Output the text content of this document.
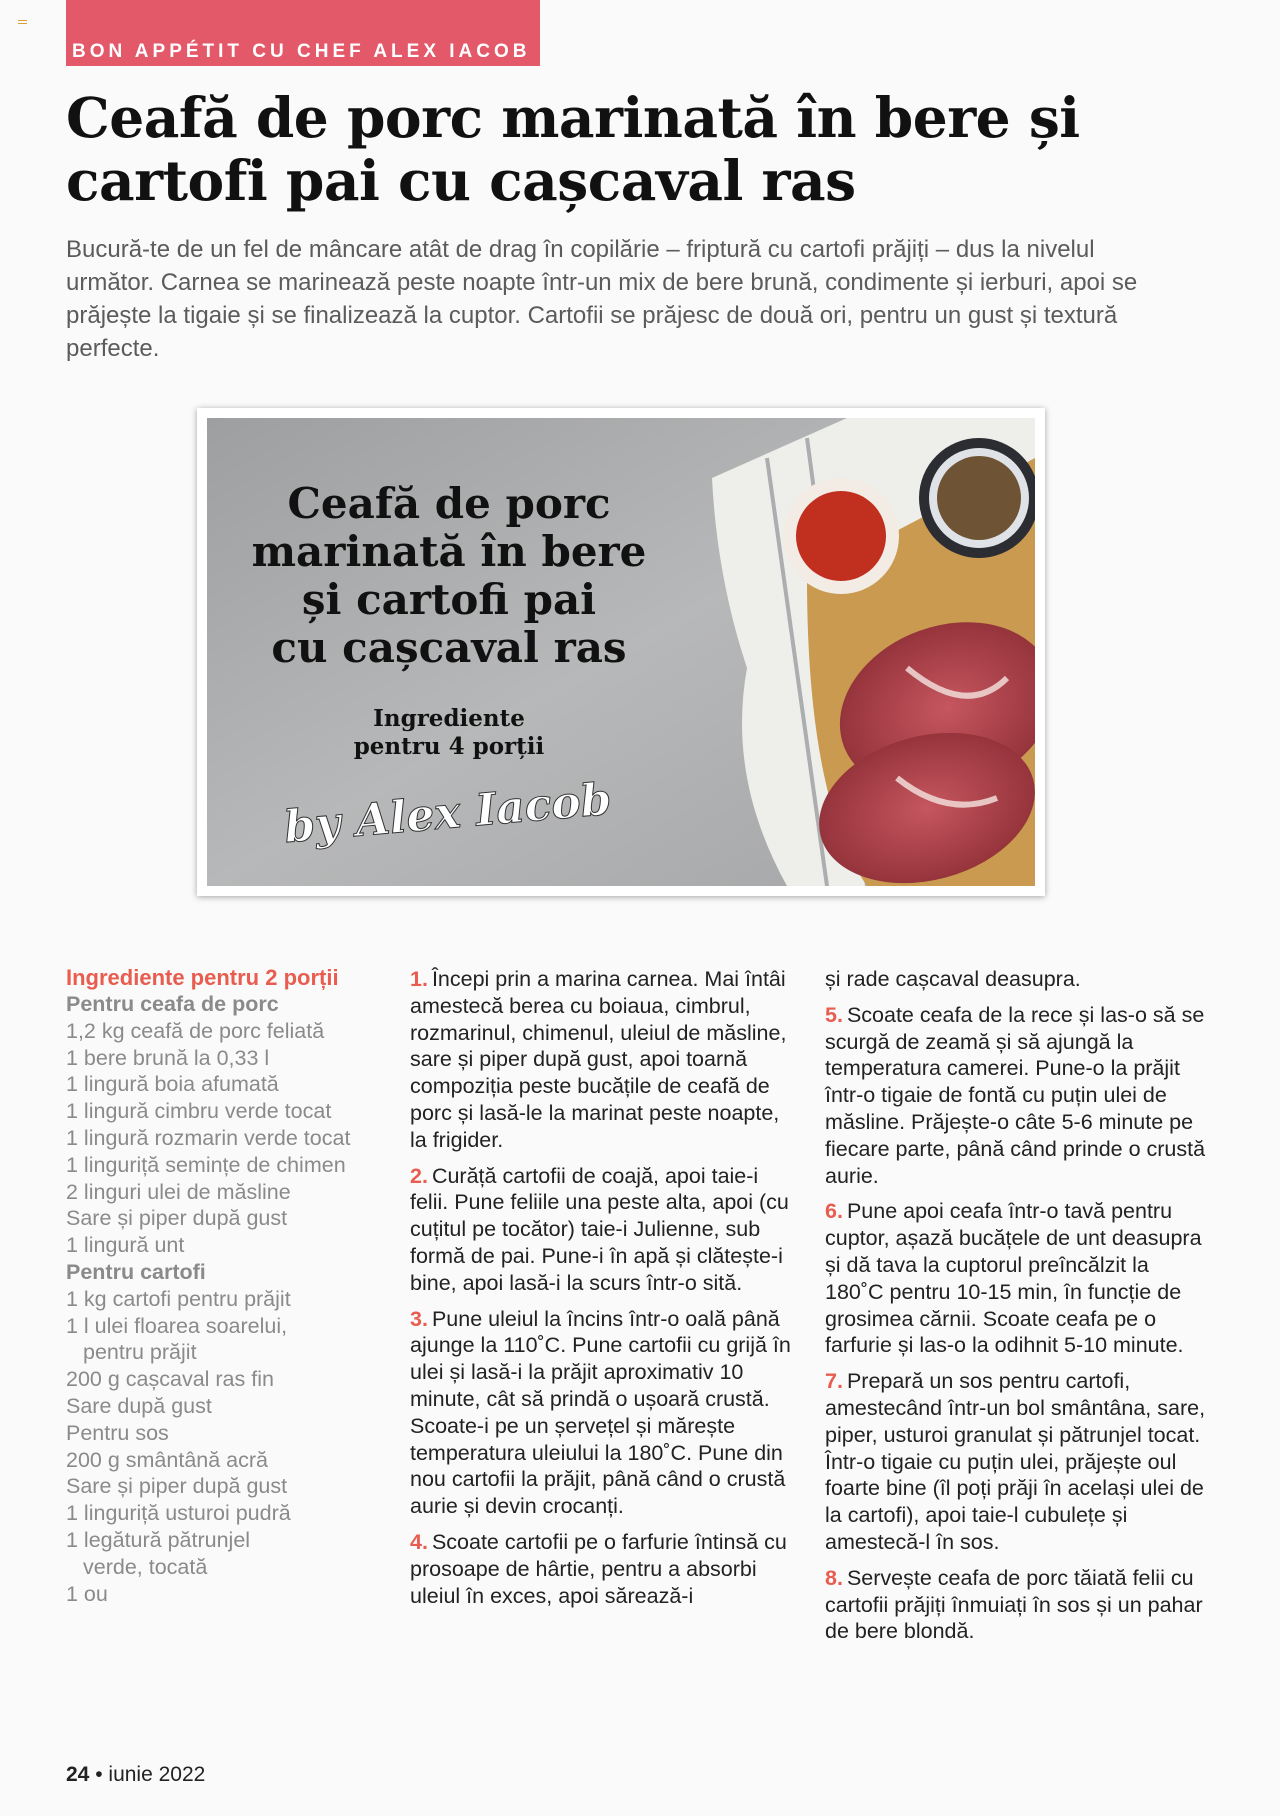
BON APPÉTIT CU CHEF ALEX IACOB
Ceafă de porc marinată în bere și cartofi pai cu cașcaval ras

Bucură-te de un fel de mâncare atât de drag în copilărie – friptură cu cartofi prăjiți – dus la nivelul următor. Carnea se marinează peste noapte într-un mix de bere brună, condimente și ierburi, apoi se prăjește la tigaie și se finalizează la cuptor. Cartofii se prăjesc de două ori, pentru un gust și textură perfecte.

Ceafă de porc
marinată în bere
și cartofi pai
cu cașcaval ras
Ingrediente
pentru 4 porții
by Alex Iacob
Ingrediente pentru 2 porții
Pentru ceafa de porc
1,2 kg ceafă de porc feliată
1 bere brună la 0,33 l
1 lingură boia afumată
1 lingură cimbru verde tocat
1 lingură rozmarin verde tocat
1 linguriță semințe de chimen
2 linguri ulei de măsline
Sare și piper după gust
1 lingură unt
Pentru cartofi
1 kg cartofi pentru prăjit
1 l ulei floarea soarelui,
pentru prăjit
200 g cașcaval ras fin
Sare după gust
Pentru sos
200 g smântână acră
Sare și piper după gust
1 linguriță usturoi pudră
1 legătură pătrunjel
verde, tocată
1 ou

1. Începi prin a marina carnea. Mai întâi amestecă berea cu boiaua, cimbrul, rozmarinul, chimenul, uleiul de măsline, sare și piper după gust, apoi toarnă compoziția peste bucățile de ceafă de porc și lasă-le la marinat peste noapte, la frigider.

2. Curăță cartofii de coajă, apoi taie-i felii. Pune feliile una peste alta, apoi (cu cuțitul pe tocător) taie-i Julienne, sub formă de pai. Pune-i în apă și clătește-i bine, apoi lasă-i la scurs într-o sită.

3. Pune uleiul la încins într-o oală până ajunge la 110˚C. Pune cartofii cu grijă în ulei și lasă-i la prăjit aproximativ 10 minute, cât să prindă o ușoară crustă. Scoate-i pe un șervețel și mărește temperatura uleiului la 180˚C. Pune din nou cartofii la prăjit, până când o crustă aurie și devin crocanți.

4. Scoate cartofii pe o farfurie întinsă cu prosoape de hârtie, pentru a absorbi uleiul în exces, apoi sărează-i

și rade cașcaval deasupra.

5. Scoate ceafa de la rece și las-o să se scurgă de zeamă și să ajungă la temperatura camerei. Pune-o la prăjit într-o tigaie de fontă cu puțin ulei de măsline. Prăjește-o câte 5-6 minute pe fiecare parte, până când prinde o crustă aurie.

6. Pune apoi ceafa într-o tavă pentru cuptor, așază bucățele de unt deasupra și dă tava la cuptorul preîncălzit la 180˚C pentru 10-15 min, în funcție de grosimea cărnii. Scoate ceafa pe o farfurie și las-o la odihnit 5-10 minute.

7. Prepară un sos pentru cartofi, amestecând într-un bol smântâna, sare, piper, usturoi granulat și pătrunjel tocat. Într-o tigaie cu puțin ulei, prăjește oul foarte bine (îl poți prăji în același ulei de la cartofi), apoi taie-l cubulețe și amestecă-l în sos.

8. Servește ceafa de porc tăiată felii cu cartofii prăjiți înmuiați în sos și un pahar de bere blondă.

24 • iunie 2022
